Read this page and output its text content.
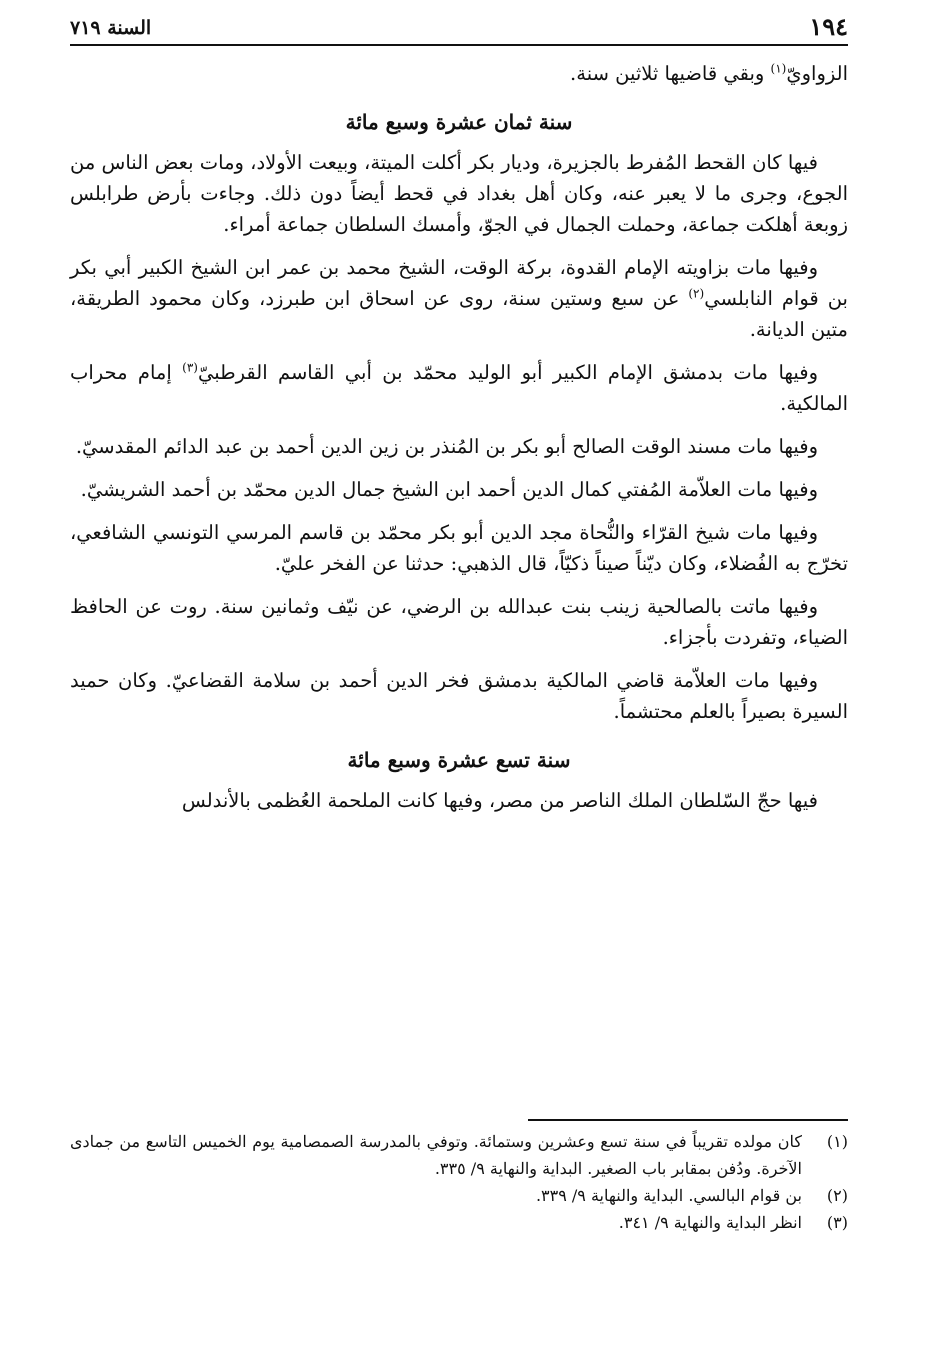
١٩٤
السنة ٧١٩

الزواويّ$^{(١)}$ وبقي قاضيها ثلاثين سنة.

سنة ثمان عشرة وسبع مائة

فيها كان القحط المُفرط بالجزيرة، وديار بكر أكلت الميتة، وبيعت الأولاد، ومات بعض الناس من الجوع، وجرى ما لا يعبر عنه، وكان أهل بغداد في قحط أيضاً دون ذلك. وجاءت بأرض طرابلس زوبعة أهلكت جماعة، وحملت الجمال في الجوّ، وأمسك السلطان جماعة أمراء.

وفيها مات بزاويته الإمام القدوة، بركة الوقت، الشيخ محمد بن عمر ابن الشيخ الكبير أبي بكر بن قوام النابلسي$^{(٢)}$ عن سبع وستين سنة، روى عن اسحاق ابن طبرزد، وكان محمود الطريقة، متين الديانة.

وفيها مات بدمشق الإمام الكبير أبو الوليد محمّد بن أبي القاسم القرطبيّ$^{(٣)}$ إمام محراب المالكية.

وفيها مات مسند الوقت الصالح أبو بكر بن المُنذر بن زين الدين أحمد بن عبد الدائم المقدسيّ.

وفيها مات العلاّمة المُفتي كمال الدين أحمد ابن الشيخ جمال الدين محمّد بن أحمد الشريشيّ.

وفيها مات شيخ القرّاء والنُّحاة مجد الدين أبو بكر محمّد بن قاسم المرسي التونسي الشافعي، تخرّج به الفُضلاء، وكان ديّناً صيناً ذكيّاً، قال الذهبي: حدثنا عن الفخر عليّ.

وفيها ماتت بالصالحية زينب بنت عبدالله بن الرضي، عن نيّف وثمانين سنة. روت عن الحافظ الضياء، وتفردت بأجزاء.

وفيها مات العلاّمة قاضي المالكية بدمشق فخر الدين أحمد بن سلامة القضاعيّ. وكان حميد السيرة بصيراً بالعلم محتشماً.

سنة تسع عشرة وسبع مائة

فيها حجّ السّلطان الملك الناصر من مصر، وفيها كانت الملحمة العُظمى بالأندلس

(١)
كان مولده تقريباً في سنة تسع وعشرين وستمائة. وتوفي بالمدرسة الصمصامية يوم الخميس التاسع من جمادى الآخرة. ودُفن بمقابر باب الصغير. البداية والنهاية ٩/ ٣٣٥.
(٢)
بن قوام البالسي. البداية والنهاية ٩/ ٣٣٩.
(٣)
انظر البداية والنهاية ٩/ ٣٤١.
